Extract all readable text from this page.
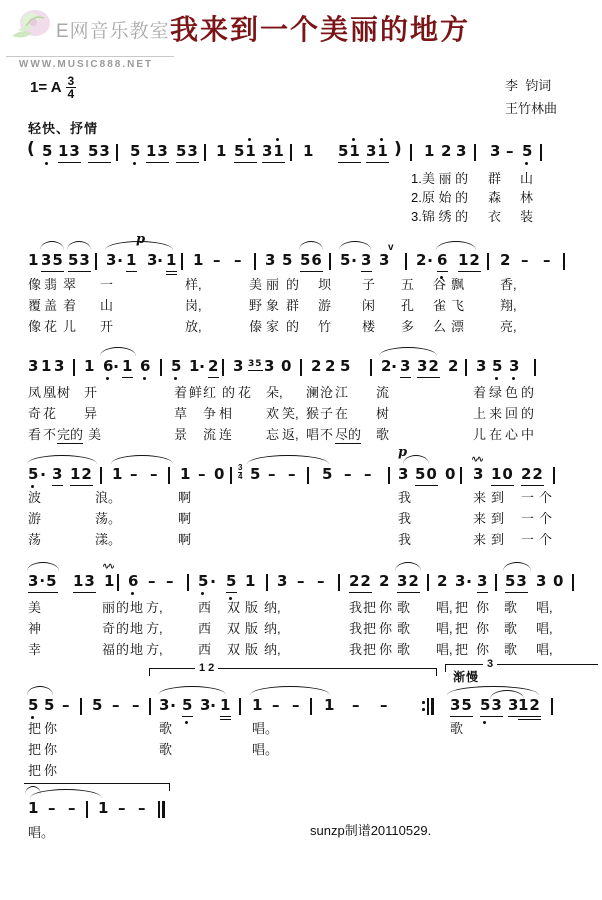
E网音乐教室
WWW.MUSIC888.NET
我来到一个美丽的地方
1= A 3
4
李  钧词
王竹林曲
轻快、抒情
( 5 13 53 5 13 53 1 51 31 1 51 31 ) 1 2 3 3 – 5
1.美 丽 的 群 山
2.原 始 的 森 林
3.锦 绣 的 衣 装
p
v
1 35 53 3 · 1 3
· 1 1 – – 3 5 56 5 · 3 3 2 · 6 12 2 – –
像 翡 翠 一	样,	美 丽 的 坝 子 五 谷 飘	香,
覆 盖 着 山	岗,	野 象 群 游 闲 孔 雀 飞	翔,
像 花 儿 开	放,	傣 家 的 竹 楼 多 么 漂	亮,
3 1 3 1 6
· 1 6 5 1
· 2 3 35 3 0 2 2 5 2
· 3 32 2 3 5 3
凤 凰 树 开	着 鲜 红 的 花 朵, 澜 沧 江 流	着 绿 色 的
奇 花 异	草 争 相	欢 笑, 猴 子 在 树	上 来 回 的
看 不 完的 美	景 流 连	忘 返, 唱 不 尽的 歌	儿 在 心 中
p	∿∿
5 · 3 12 1 – – $1 - 0 \frac{3}{4} 5$ – – 5 – – 3 50 0 3 10 22
波	浪。	啊	我	来 到 一 个
游	荡。	啊	我	来 到 一 个
荡	漾。	啊	我	来 到 一 个
∿∿
3·5 13 1 6 – – 5 · 5 1 3 – – 22 2 32 2 3 · 3 53 3 0
美	丽 的 地 方,	西 双 版 纳,	我 把 你 歌 唱, 把 你 歌 唱,
神	奇 的 地 方,	西 双 版 纳,	我 把 你 歌 唱, 把 你 歌 唱,
幸	福 的 地 方,	西 双 版 纳,	我 把 你 歌 唱, 把 你 歌 唱,
1 2	3
渐慢
5 5 – 5 – – 3 · 5 3
· 1 1 – – 1 – –	35 53 3
12
把 你	歌	唱。	歌
把 你	歌	唱。
把 你
1 – – 1 – –
唱。	sunzp制谱20110529.
